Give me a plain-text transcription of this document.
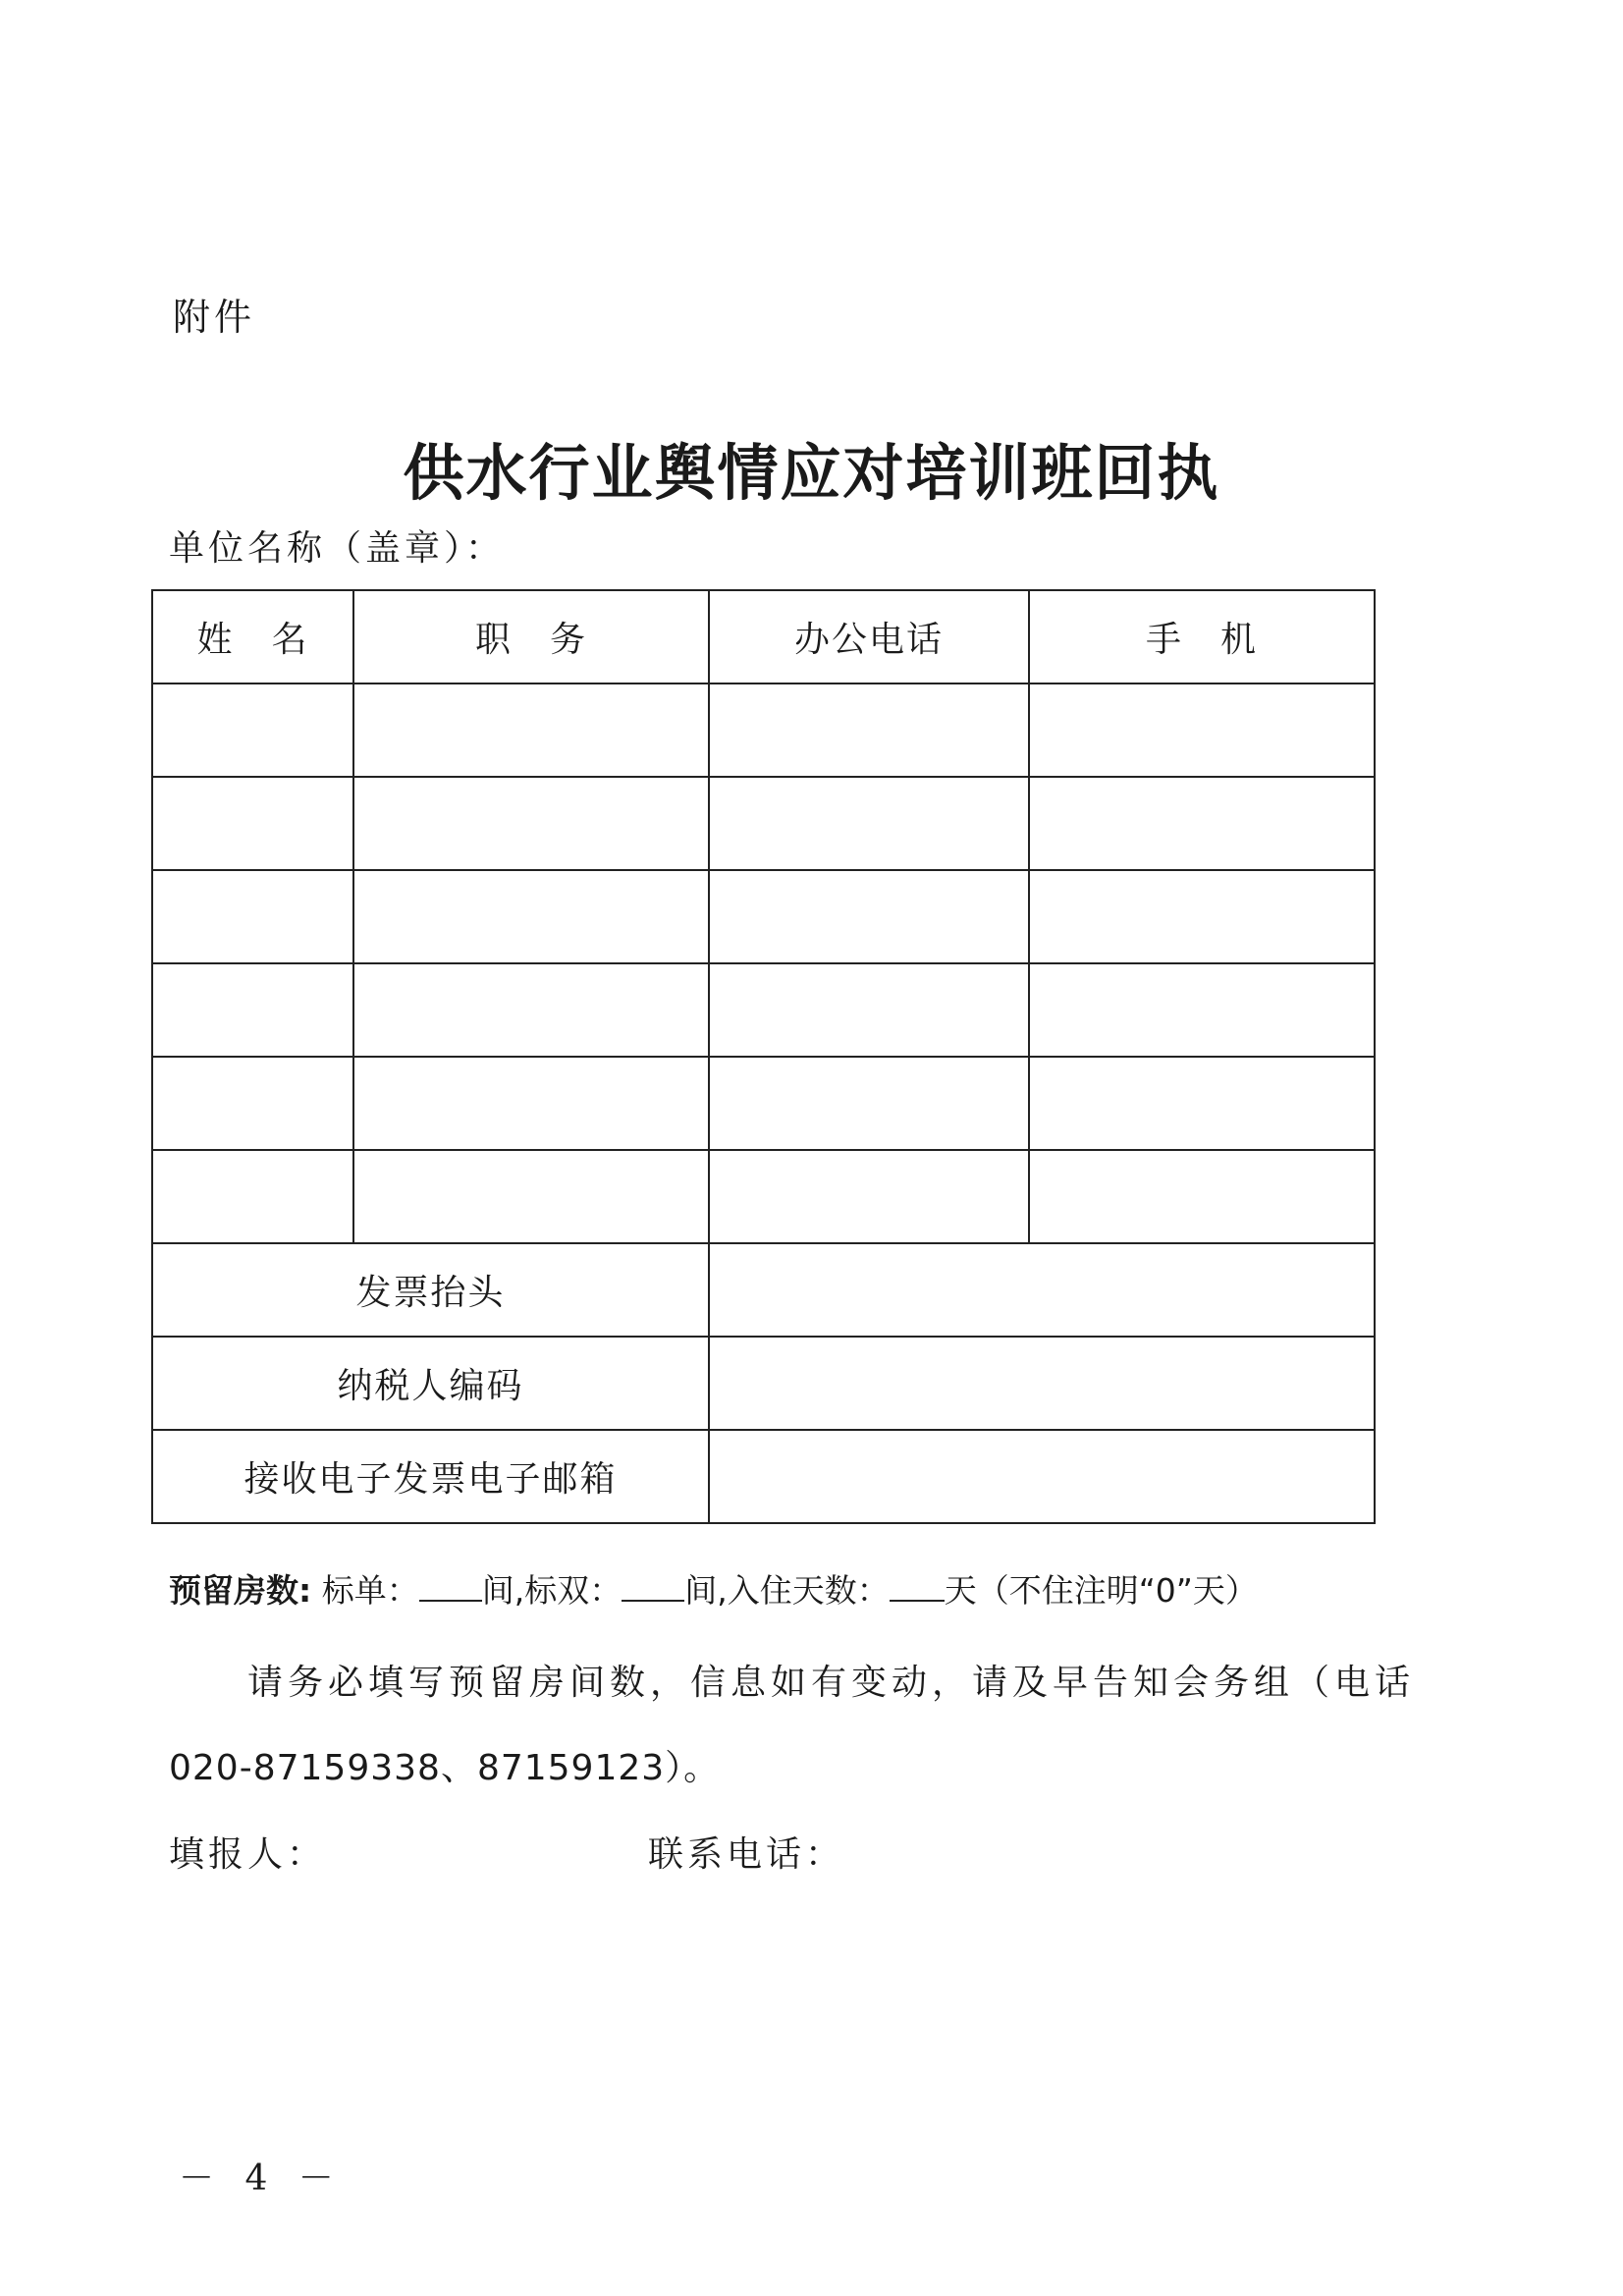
附件
供水行业舆情应对培训班回执
单位名称（盖章）：
姓　名	职　务	办公电话	手　机

发票抬头			
纳税人编码			
接收电子发票电子邮箱			
预留房数: 标单： 间,标双： 间,入住天数： 天（不住注明“0”天）
请务必填写预留房间数，信息如有变动，请及早告知会务组（电话
020-87159338、87159123）。
填报人：	联系电话：
－ 4 －
